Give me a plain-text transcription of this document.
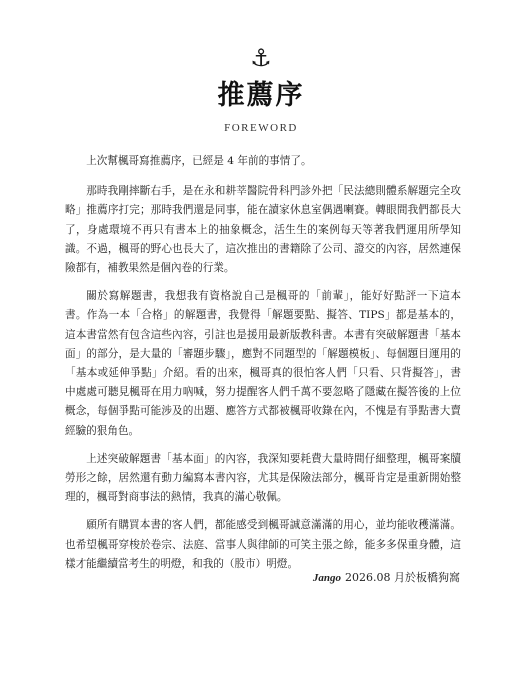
⚓
推薦序
FOREWORD

上次幫楓哥寫推薦序，已經是 4 年前的事情了。

那時我剛摔斷右手，是在永和耕莘醫院骨科門診外把「民法總則體系解題完全攻略」推薦序打完；那時我們還是同事，能在讀家休息室偶遇喇賽。轉眼間我們都長大了，身處環境不再只有書本上的抽象概念，活生生的案例每天等著我們運用所學知識。不過，楓哥的野心也長大了，這次推出的書籍除了公司、證交的內容，居然連保險都有，補教果然是個內卷的行業。

關於寫解題書，我想我有資格說自己是楓哥的「前輩」，能好好點評一下這本書。作為一本「合格」的解題書，我覺得「解題要點、擬答、TIPS」都是基本的，這本書當然有包含這些內容，引註也是援用最新版教科書。本書有突破解題書「基本面」的部分，是大量的「審題步驟」，應對不同題型的「解題模板」、每個題目運用的「基本或延伸爭點」介紹。看的出來，楓哥真的很怕客人們「只看、只背擬答」，書中處處可聽見楓哥在用力吶喊，努力提醒客人們千萬不要忽略了隱藏在擬答後的上位概念，每個爭點可能涉及的出題、應答方式都被楓哥收錄在內，不愧是有爭點書大賣經驗的狠角色。

上述突破解題書「基本面」的內容，我深知要耗費大量時間仔細整理，楓哥案牘勞形之餘，居然還有動力編寫本書內容，尤其是保險法部分，楓哥肯定是重新開始整理的，楓哥對商事法的熱情，我真的滿心敬佩。

願所有購買本書的客人們，都能感受到楓哥誠意滿滿的用心，並均能收穫滿滿。也希望楓哥穿梭於卷宗、法庭、當事人與律師的可笑主張之餘，能多多保重身體，這樣才能繼續當考生的明燈，和我的（股市）明燈。

Jango 2026.08 月於板橋狗窩
